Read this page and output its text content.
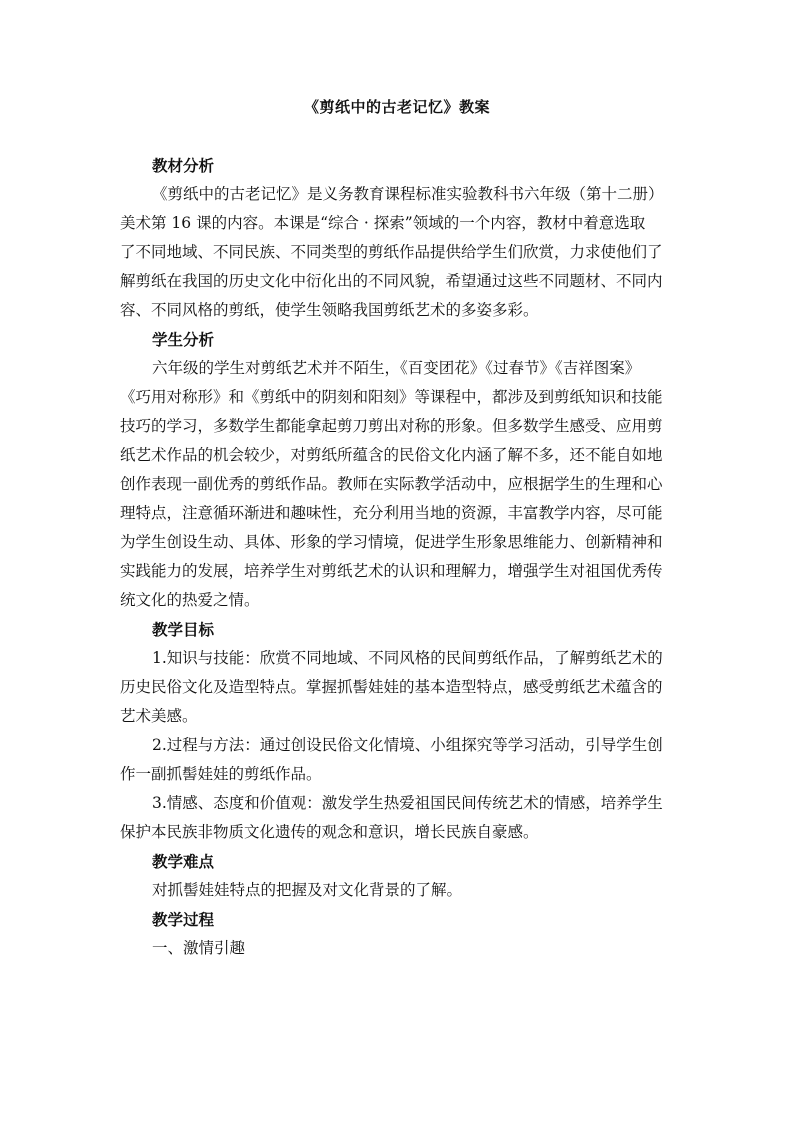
《剪纸中的古老记忆》教案
教材分析
《剪纸中的古老记忆》是义务教育课程标准实验教科书六年级（第十二册）
美术第 16 课的内容。本课是“综合 · 探索”领域的一个内容，教材中着意选取
了不同地域、不同民族、不同类型的剪纸作品提供给学生们欣赏，力求使他们了
解剪纸在我国的历史文化中衍化出的不同风貌，希望通过这些不同题材、不同内
容、不同风格的剪纸，使学生领略我国剪纸艺术的多姿多彩。
学生分析
六年级的学生对剪纸艺术并不陌生，《百变团花》《过春节》《吉祥图案》
《巧用对称形》和《剪纸中的阴刻和阳刻》等课程中，都涉及到剪纸知识和技能
技巧的学习，多数学生都能拿起剪刀剪出对称的形象。但多数学生感受、应用剪
纸艺术作品的机会较少，对剪纸所蕴含的民俗文化内涵了解不多，还不能自如地
创作表现一副优秀的剪纸作品。教师在实际教学活动中，应根据学生的生理和心
理特点，注意循环渐进和趣味性，充分利用当地的资源，丰富教学内容，尽可能
为学生创设生动、具体、形象的学习情境，促进学生形象思维能力、创新精神和
实践能力的发展，培养学生对剪纸艺术的认识和理解力，增强学生对祖国优秀传
统文化的热爱之情。
教学目标
1.知识与技能：欣赏不同地域、不同风格的民间剪纸作品，了解剪纸艺术的
历史民俗文化及造型特点。掌握抓髻娃娃的基本造型特点，感受剪纸艺术蕴含的
艺术美感。
2.过程与方法：通过创设民俗文化情境、小组探究等学习活动，引导学生创
作一副抓髻娃娃的剪纸作品。
3.情感、态度和价值观：激发学生热爱祖国民间传统艺术的情感，培养学生
保护本民族非物质文化遗传的观念和意识，增长民族自豪感。
教学难点
对抓髻娃娃特点的把握及对文化背景的了解。
教学过程
一、激情引趣
